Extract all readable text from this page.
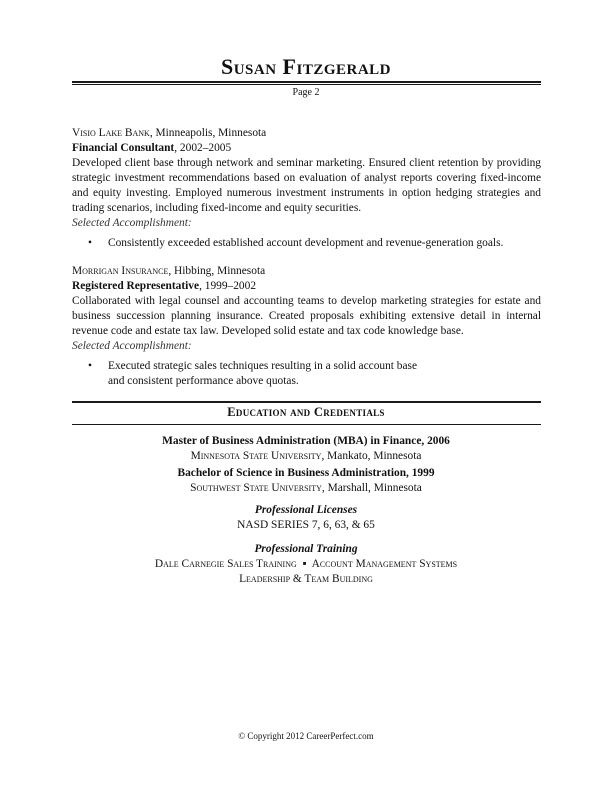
Susan Fitzgerald
Page 2
Visio Lake Bank, Minneapolis, Minnesota
Financial Consultant, 2002–2005
Developed client base through network and seminar marketing. Ensured client retention by providing strategic investment recommendations based on evaluation of analyst reports covering fixed-income and equity investing. Employed numerous investment instruments in option hedging strategies and trading scenarios, including fixed-income and equity securities.
Selected Accomplishment:
• Consistently exceeded established account development and revenue-generation goals.
Morrigan Insurance, Hibbing, Minnesota
Registered Representative, 1999–2002
Collaborated with legal counsel and accounting teams to develop marketing strategies for estate and business succession planning insurance. Created proposals exhibiting extensive detail in internal revenue code and estate tax law. Developed solid estate and tax code knowledge base.
Selected Accomplishment:
• Executed strategic sales techniques resulting in a solid account base and consistent performance above quotas.
Education and Credentials
Master of Business Administration (MBA) in Finance, 2006
Minnesota State University, Mankato, Minnesota
Bachelor of Science in Business Administration, 1999
Southwest State University, Marshall, Minnesota
Professional Licenses
NASD SERIES 7, 6, 63, & 65
Professional Training
Dale Carnegie Sales Training ▪ Account Management Systems
Leadership & Team Building
© Copyright 2012 CareerPerfect.com
